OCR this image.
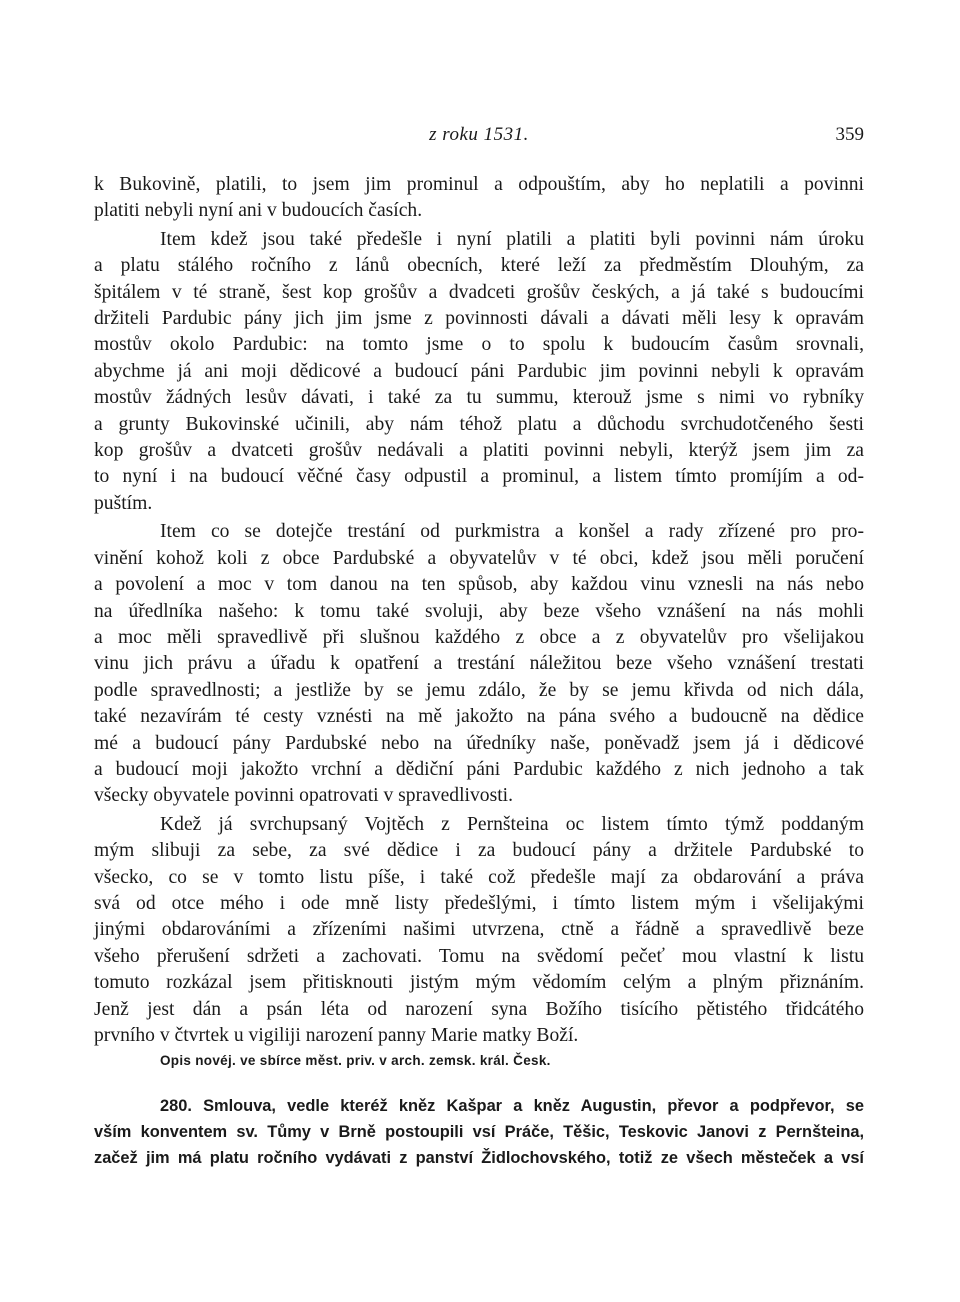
z roku 1531.	359
k Bukovině, platili, to jsem jim prominul a odpouštím, aby ho neplatili a povinni
platiti nebyli nyní ani v budoucích časích.
Item kdež jsou také předešle i nyní platili a platiti byli povinni nám úroku
a platu stálého ročního z lánů obecních, které leží za předměstím Dlouhým, za
špitálem v té straně, šest kop grošův a dvadceti grošův českých, a já také s budoucími
držiteli Pardubic pány jich jim jsme z povinnosti dávali a dávati měli lesy k opravám
mostův okolo Pardubic: na tomto jsme o to spolu k budoucím časům srovnali,
abychme já ani moji dědicové a budoucí páni Pardubic jim povinni nebyli k opravám
mostův žádných lesův dávati, i také za tu summu, kterouž jsme s nimi vo rybníky
a grunty Bukovinské učinili, aby nám téhož platu a důchodu svrchudotčeného šesti
kop grošův a dvatceti grošův nedávali a platiti povinni nebyli, kterýž jsem jim za
to nyní i na budoucí věčné časy odpustil a prominul, a listem tímto promíjím a od-
puštím.
Item co se dotejče trestání od purkmistra a konšel a rady zřízené pro pro-
vinění kohož koli z obce Pardubské a obyvatelův v té obci, kdež jsou měli poručení
a povolení a moc v tom danou na ten spůsob, aby každou vinu vznesli na nás nebo
na úředlníka našeho: k tomu také svoluji, aby beze všeho vznášení na nás mohli
a moc měli spravedlivě při slušnou každého z obce a z obyvatelův pro všelijakou
vinu jich právu a úřadu k opatření a trestání náležitou beze všeho vznášení trestati
podle spravedlnosti; a jestliže by se jemu zdálo, že by se jemu křivda od nich dála,
také nezavírám té cesty vznésti na mě jakožto na pána svého a budoucně na dědice
mé a budoucí pány Pardubské nebo na úředníky naše, poněvadž jsem já i dědicové
a budoucí moji jakožto vrchní a dědiční páni Pardubic každého z nich jednoho a tak
všecky obyvatele povinni opatrovati v spravedlivosti.
Kdež já svrchupsaný Vojtěch z Pernšteina oc listem tímto týmž poddaným
mým slibuji za sebe, za své dědice i za budoucí pány a držitele Pardubské to
všecko, co se v tomto listu píše, i také což předešle mají za obdarování a práva
svá od otce mého i ode mně listy předešlými, i tímto listem mým i všelijakými
jinými obdarováními a zřízeními našimi utvrzena, ctně a řádně a spravedlivě beze
všeho přerušení sdržeti a zachovati. Tomu na svědomí pečeť mou vlastní k listu
tomuto rozkázal jsem přitisknouti jistým mým vědomím celým a plným přiznáním.
Jenž jest dán a psán léta od narození syna Božího tisícího pětistého třidcátého
prvního v čtvrtek u vigiliji narození panny Marie matky Boží.
Opis novéj. ve sbírce měst. priv. v arch. zemsk. král. Česk.
280. Smlouva, vedle kteréž kněz Kašpar a kněz Augustin, převor a podpřevor, se
vším konventem sv. Tůmy v Brně postoupili vsí Práče, Těšic, Teskovic Janovi z Pernšteina,
začež jim má platu ročního vydávati z panství Židlochovského, totiž ze všech městeček a vsí
